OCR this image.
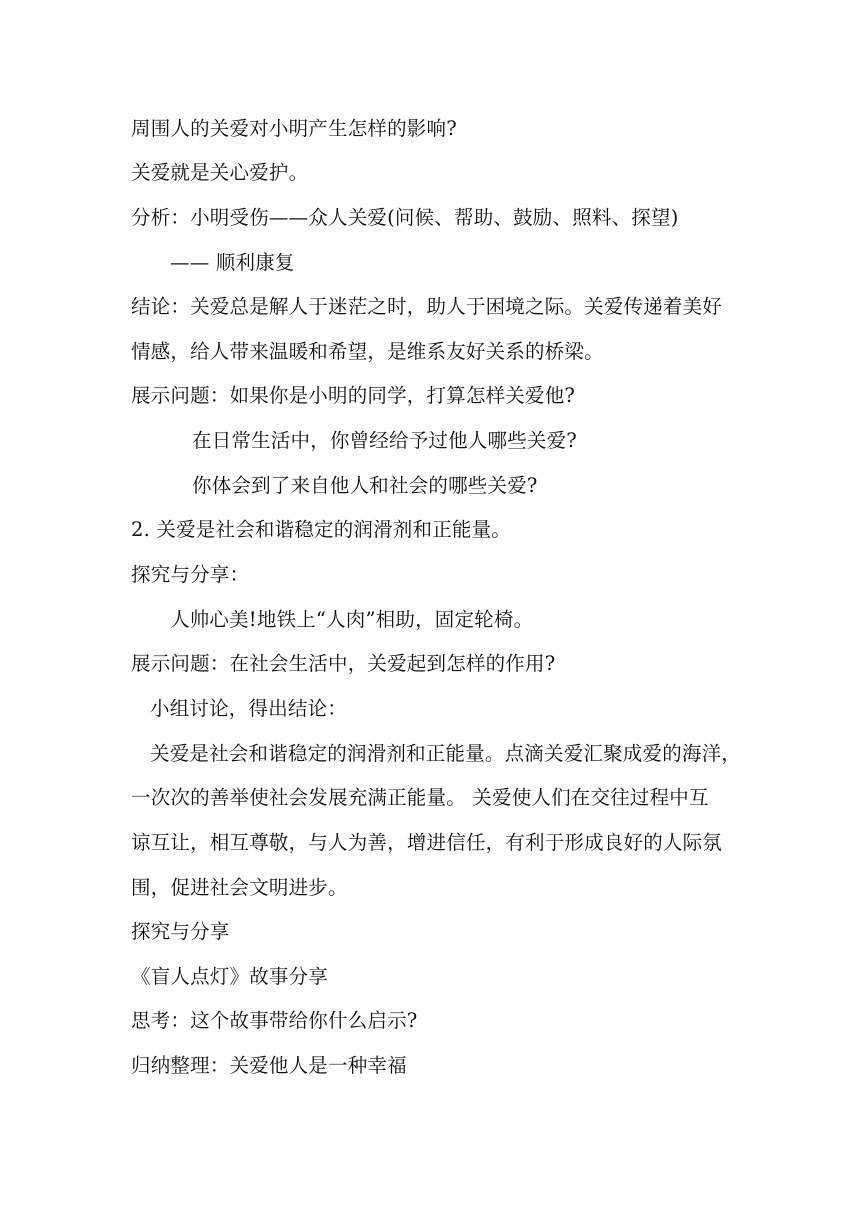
周围人的关爱对小明产生怎样的影响?
关爱就是关心爱护。
分析：小明受伤——众人关爱(问候、帮助、鼓励、照料、探望)
—— 顺利康复
结论：关爱总是解人于迷茫之时，助人于困境之际。关爱传递着美好
情感，给人带来温暖和希望，是维系友好关系的桥梁。
展示问题：如果你是小明的同学，打算怎样关爱他?
在日常生活中，你曾经给予过他人哪些关爱?
你体会到了来自他人和社会的哪些关爱?
2. 关爱是社会和谐稳定的润滑剂和正能量。
探究与分享：
人帅心美!地铁上“人肉”相助，固定轮椅。
展示问题：在社会生活中，关爱起到怎样的作用?
小组讨论，得出结论：
关爱是社会和谐稳定的润滑剂和正能量。点滴关爱汇聚成爱的海洋，
一次次的善举使社会发展充满正能量。 关爱使人们在交往过程中互
谅互让，相互尊敬，与人为善，增进信任，有利于形成良好的人际氛
围，促进社会文明进步。
探究与分享
《盲人点灯》故事分享
思考：这个故事带给你什么启示?
归纳整理：关爱他人是一种幸福
